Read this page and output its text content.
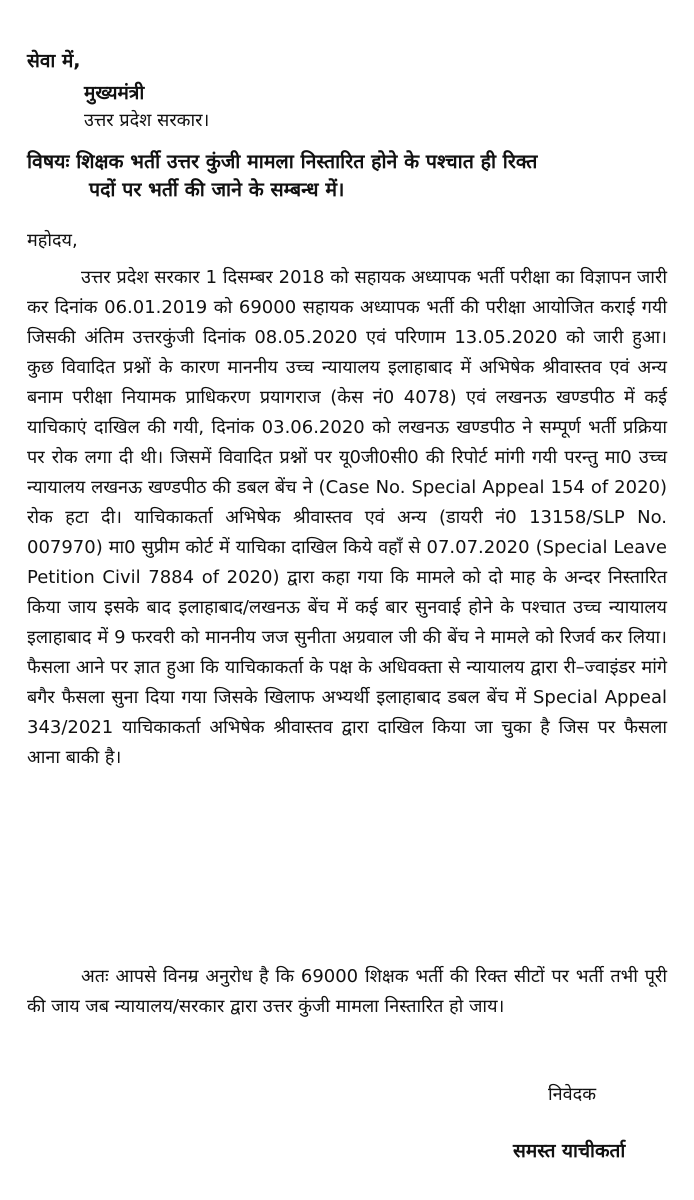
सेवा में,
मुख्यमंत्री
उत्तर प्रदेश सरकार।
विषयः शिक्षक भर्ती उत्तर कुंजी मामला निस्तारित होने के पश्चात ही रिक्त
पदों पर भर्ती की जाने के सम्बन्ध में।
महोदय,

उत्तर प्रदेश सरकार 1 दिसम्बर 2018 को सहायक अध्यापक भर्ती परीक्षा का विज्ञापन जारी कर दिनांक 06.01.2019 को 69000 सहायक अध्यापक भर्ती की परीक्षा आयोजित कराई गयी जिसकी अंतिम उत्तरकुंजी दिनांक 08.05.2020 एवं परिणाम 13.05.2020 को जारी हुआ। कुछ विवादित प्रश्नों के कारण माननीय उच्च न्यायालय इलाहाबाद में अभिषेक श्रीवास्तव एवं अन्य बनाम परीक्षा नियामक प्राधिकरण प्रयागराज (केस नं0 4078) एवं लखनऊ खण्डपीठ में कई याचिकाएं दाखिल की गयी, दिनांक 03.06.2020 को लखनऊ खण्डपीठ ने सम्पूर्ण भर्ती प्रक्रिया पर रोक लगा दी थी। जिसमें विवादित प्रश्नों पर यू0जी0सी0 की रिपोर्ट मांगी गयी परन्तु मा0 उच्च न्यायालय लखनऊ खण्डपीठ की डबल बेंच ने (Case No. Special Appeal 154 of 2020) रोक हटा दी। याचिकाकर्ता अभिषेक श्रीवास्तव एवं अन्य (डायरी नं0 13158/SLP No. 007970) मा0 सुप्रीम कोर्ट में याचिका दाखिल किये वहाँ से 07.07.2020 (Special Leave Petition Civil 7884 of 2020) द्वारा कहा गया कि मामले को दो माह के अन्दर निस्तारित किया जाय इसके बाद इलाहाबाद/लखनऊ बेंच में कई बार सुनवाई होने के पश्चात उच्च न्यायालय इलाहाबाद में 9 फरवरी को माननीय जज सुनीता अग्रवाल जी की बेंच ने मामले को रिजर्व कर लिया। फैसला आने पर ज्ञात हुआ कि याचिकाकर्ता के पक्ष के अधिवक्ता से न्यायालय द्वारा री–ज्वाइंडर मांगे बगैर फैसला सुना दिया गया जिसके खिलाफ अभ्यर्थी इलाहाबाद डबल बेंच में Special Appeal 343/2021 याचिकाकर्ता अभिषेक श्रीवास्तव द्वारा दाखिल किया जा चुका है जिस पर फैसला आना बाकी है।

अतः आपसे विनम्र अनुरोध है कि 69000 शिक्षक भर्ती की रिक्त सीटों पर भर्ती तभी पूरी की जाय जब न्यायालय/सरकार द्वारा उत्तर कुंजी मामला निस्तारित हो जाय।

निवेदक
समस्त याचीकर्ता
